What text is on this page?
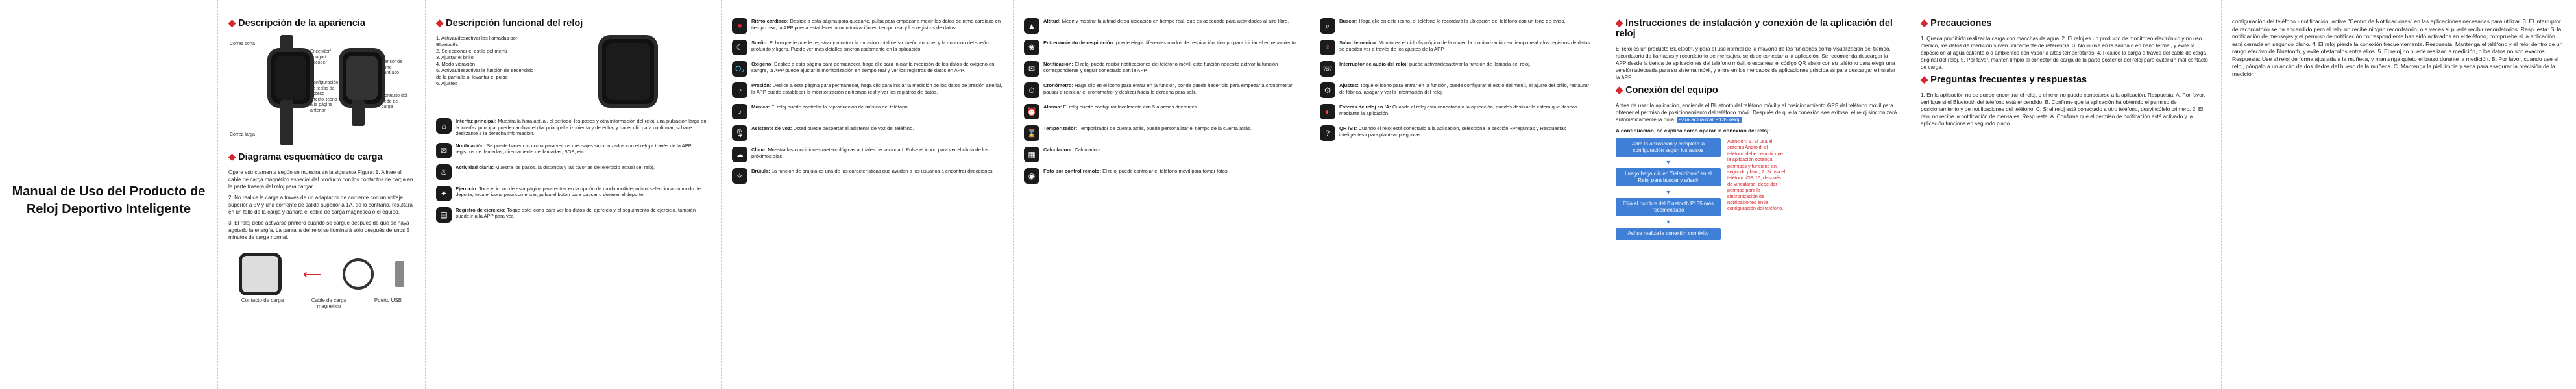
Manual de Uso del Producto de Reloj Deportivo Inteligente
◆ Descripción de la apariencia
Correa corta
Encender/ Apagar/ Escoder	Sensor de ritmo cardíaco
Correa larga
Configuración de teclas de acceso directo, icono a la página anterior
Contacto del dedo de carga
◆ Diagrama esquemático de carga

Opere estrictamente según se muestra en la siguiente Figura: 1. Alinee el cable de carga magnético especial del producto con los contactos de carga en la parte trasera del reloj para cargar.

2. No realice la carga a través de un adaptador de corriente con un voltaje superior a 5V y una corriente de salida superior a 1A, de lo contrario, resultará en un fallo de la carga y dañará el cable de carga magnética o el equipo.

3. El reloj debe activarse primero cuando se cargue después de que se haya agotado la energía. La pantalla del reloj se iluminará sólo después de unos 5 minutos de carga normal.

⟵
Contacto de carga	Cable de carga magnético
Puerto USB
◆ Descripción funcional del reloj
1. Activar/desactivar las llamadas por Bluetooth.
2. Seleccionar el estilo del menú
3. Ajustar el brillo
4. Modo vibración
5. Activar/desactivar la función de encendido de la pantalla al levantar el pulso
6. Ajustes
⌂
Interfaz principal: Muestra la hora actual, el período, los pasos y otra información del reloj, una pulsación larga en la interfaz principal puede cambiar el dial principal a izquierda y derecha, y hacer clic para confirmar; si hace deslizante a la derecha información.
✉
Notificación: Se puede hacer clic como para ver los mensajes sincronizados con el reloj a través de la APP, registros de llamadas, directamente de llamadas, SOS, etc.
♨
Actividad diaria: Muestra los pasos, la distancia y las calorías del ejercicio actual del reloj.
✦
Ejercicio: Toca el icono de esta página para entrar en la opción de modo multideportivo, selecciona un modo de deporte, toca el icono para comenzar, pulsa el botón para pausar o detener el deporte.
▤
Registro de ejercicio: Toque este icono para ver los datos del ejercicio y el seguimiento de ejercicio, también puede ir a la APP para ver.
♥
Ritmo cardíaco: Deslice a esta página para quedarte, pulsa para empezar a medir los datos de ritmo cardíaco en tiempo real, la APP pueda establecer la monitorización en tiempo real y los registros de datos.
☾
Sueño: El busquede puede registrar y mostrar la duración total de su sueño anoche, y la duración del sueño profundo y ligero. Puede ver más detalles sincronizadamente en la aplicación.
O₂
Oxígeno: Deslice a esta página para permanecer, haga clic para iniciar la medición de los datos de oxígeno en sangre, la APP puede ajustar la monitorización en tiempo real y ver los registros de datos en APP.
◔
Presión: Deslice a esta página para permanecer, haga clic para iniciar la medición de los datos de presión arterial, la APP puede establecer la monitorización en tiempo real y ver los registros de datos.
♪
Música: El reloj puede controlar la reproducción de música del teléfono.
🎙
Asistente de voz: Usted puede despertar el asistente de voz del teléfono.
☁
Clima: Muestra las condiciones meteorológicas actuales de la ciudad. Pulse el icono para ver el clima de los próximos días.
✧
Brújula: La función de brújula es una de las características que ayudan a los usuarios a encontrar direcciones.
▲
Altitud: Medir y mostrar la altitud de su ubicación en tiempo real, que es adecuado para actividades al aire libre.
❀
Entrenamiento de respiración: puede elegir diferentes modos de respiración, tiempo para iniciar el entrenamiento.
✉
Notificación: El reloj puede recibir notificaciones del teléfono móvil, esta función necesita activar la función correspondiente y seguir conectado con la APP.
⏱	Cronómetro: Haga clic en el icono para entrar en la función, donde puede hacer clic para empezar a cronometrar, pausar o reiniciar el cronómetro, y deslizar hacia la derecha para salir.
⏰
Alarma: El reloj puede configurar localmente con 5 alarmas diferentes.
⌛
Temporizador: Temporizador de cuenta atrás, puede personalizar el tiempo de la cuenta atrás.
▦
Calculadora: Calculadora
◉
Foto por control remoto: El reloj puede controlar el teléfono móvil para tomar fotos.
⌕	Buscar: Haga clic en este icono, el teléfono le recordará la ubicación del teléfono con un tono de aviso.
♀
Salud femenina: Monitorea el ciclo fisiológico de la mujer, la monitorización en tiempo real y los registros de datos se pueden ver a través de los ajustes de la APP.
☏
Interruptor de audio del reloj: puede activar/desactivar la función de llamada del reloj.
⚙
Ajustes: Toque el icono para entrar en la función, puede configurar el estilo del menú, el ajuste del brillo, restaurar de fábrica, apagar y ver la información del reloj.
◐
Esferas de reloj en /A: Cuando el reloj está conectado a la aplicación, puedes deslizar la esfera que deseas mediante la aplicación.
?
QR /BT: Cuando el reloj está conectado a la aplicación, selecciona la sección «Preguntas y Respuestas inteligentes» para plantear preguntas.
◆ Instrucciones de instalación y conexión de la aplicación del reloj

El reloj es un producto Bluetooth, y para el uso normal de la mayoría de las funciones como visualización del tiempo, recordatorio de llamadas y recordatorio de mensajes, se debe conectar a la aplicación. Se recomienda descargar la APP desde la tienda de aplicaciones del teléfono móvil, o escanear el código QR abajo con su teléfono para elegir una versión adecuada para su sistema móvil, y entre en los mercados de aplicaciones principales para descargar e instalar la APP.

◆ Conexión del equipo

Antes de usar la aplicación, encienda el Bluetooth del teléfono móvil y el posicionamiento GPS del teléfono móvil para obtener el permiso de posicionamiento del teléfono móvil. Después de que la conexión sea exitosa, el reloj sincronizará automáticamente la hora. Para actualizar P135 reloj:

A continuación, se explica cómo operar la conexión del reloj:

Abra la aplicación y complete la configuración según los avisos
▼
Luego haga clic en 'Seleccionar' en el Reloj para buscar y añadir
▼
Elija el nombre del Bluetooth P135 más recomendado
▼
Así se realiza la conexión con éxito
Atención: 1. Si usa el sistema Android, el teléfono debe permitir que la aplicación obtenga permisos y funcione en segundo plano; 2. Si usa el teléfono iOS 16, después de vincularse, debe dar permiso para la sincronización de notificaciones en la configuración del teléfono.
◆ Precauciones

1. Queda prohibido realizar la carga con manchas de agua. 2. El reloj es un producto de monitoreo electrónico y no uso médico, los datos de medición sirven únicamente de referencia. 3. No lo use en la sauna o en baño termal, y evite la exposición al agua caliente o a ambientes con vapor a altas temperaturas. 4. Realice la carga a través del cable de carga original del reloj. 5. Por favor, mantén limpio el conector de carga de la parte posterior del reloj para evitar un mal contacto de carga.

◆ Preguntas frecuentes y respuestas

1. En la aplicación no se puede encontrar el reloj, o el reloj no puede conectarse a la aplicación. Respuesta: A. Por favor, verifique si el Bluetooth del teléfono está encendido. B. Confirme que la aplicación ha obtenido el permiso de posicionamiento y de notificaciones del teléfono. C. Si el reloj está conectado a otro teléfono, desvincúlelo primero. 2. El reloj no recibe la notificación de mensajes. Respuesta: A. Confirme que el permiso de notificación está activado y la aplicación funciona en segundo plano.

configuración del teléfono - notificación, active "Centro de Notificaciones" en las aplicaciones necesarias para utilizar. 3. El interruptor de recordatorio se ha encendido pero el reloj no recibe ningún recordatorio, o a veces sí puede recibir recordatorios. Respuesta: Si la notificación de mensajes y el permiso de notificación correspondiente han sido activados en el teléfono, compruebe si la aplicación está cerrada en segundo plano. 4. El reloj pierde la conexión frecuentemente. Respuesta: Mantenga el teléfono y el reloj dentro de un rango efectivo de Bluetooth, y evite obstáculos entre ellos. 5. El reloj no puede realizar la medición, o los datos no son exactos. Respuesta: Use el reloj de forma ajustada a la muñeca, y mantenga quieto el brazo durante la medición. B. Por favor, cuando use el reloj, póngalo a un ancho de dos dedos del hueso de la muñeca. C. Mantenga la piel limpia y seca para asegurar la precisión de la medición.
